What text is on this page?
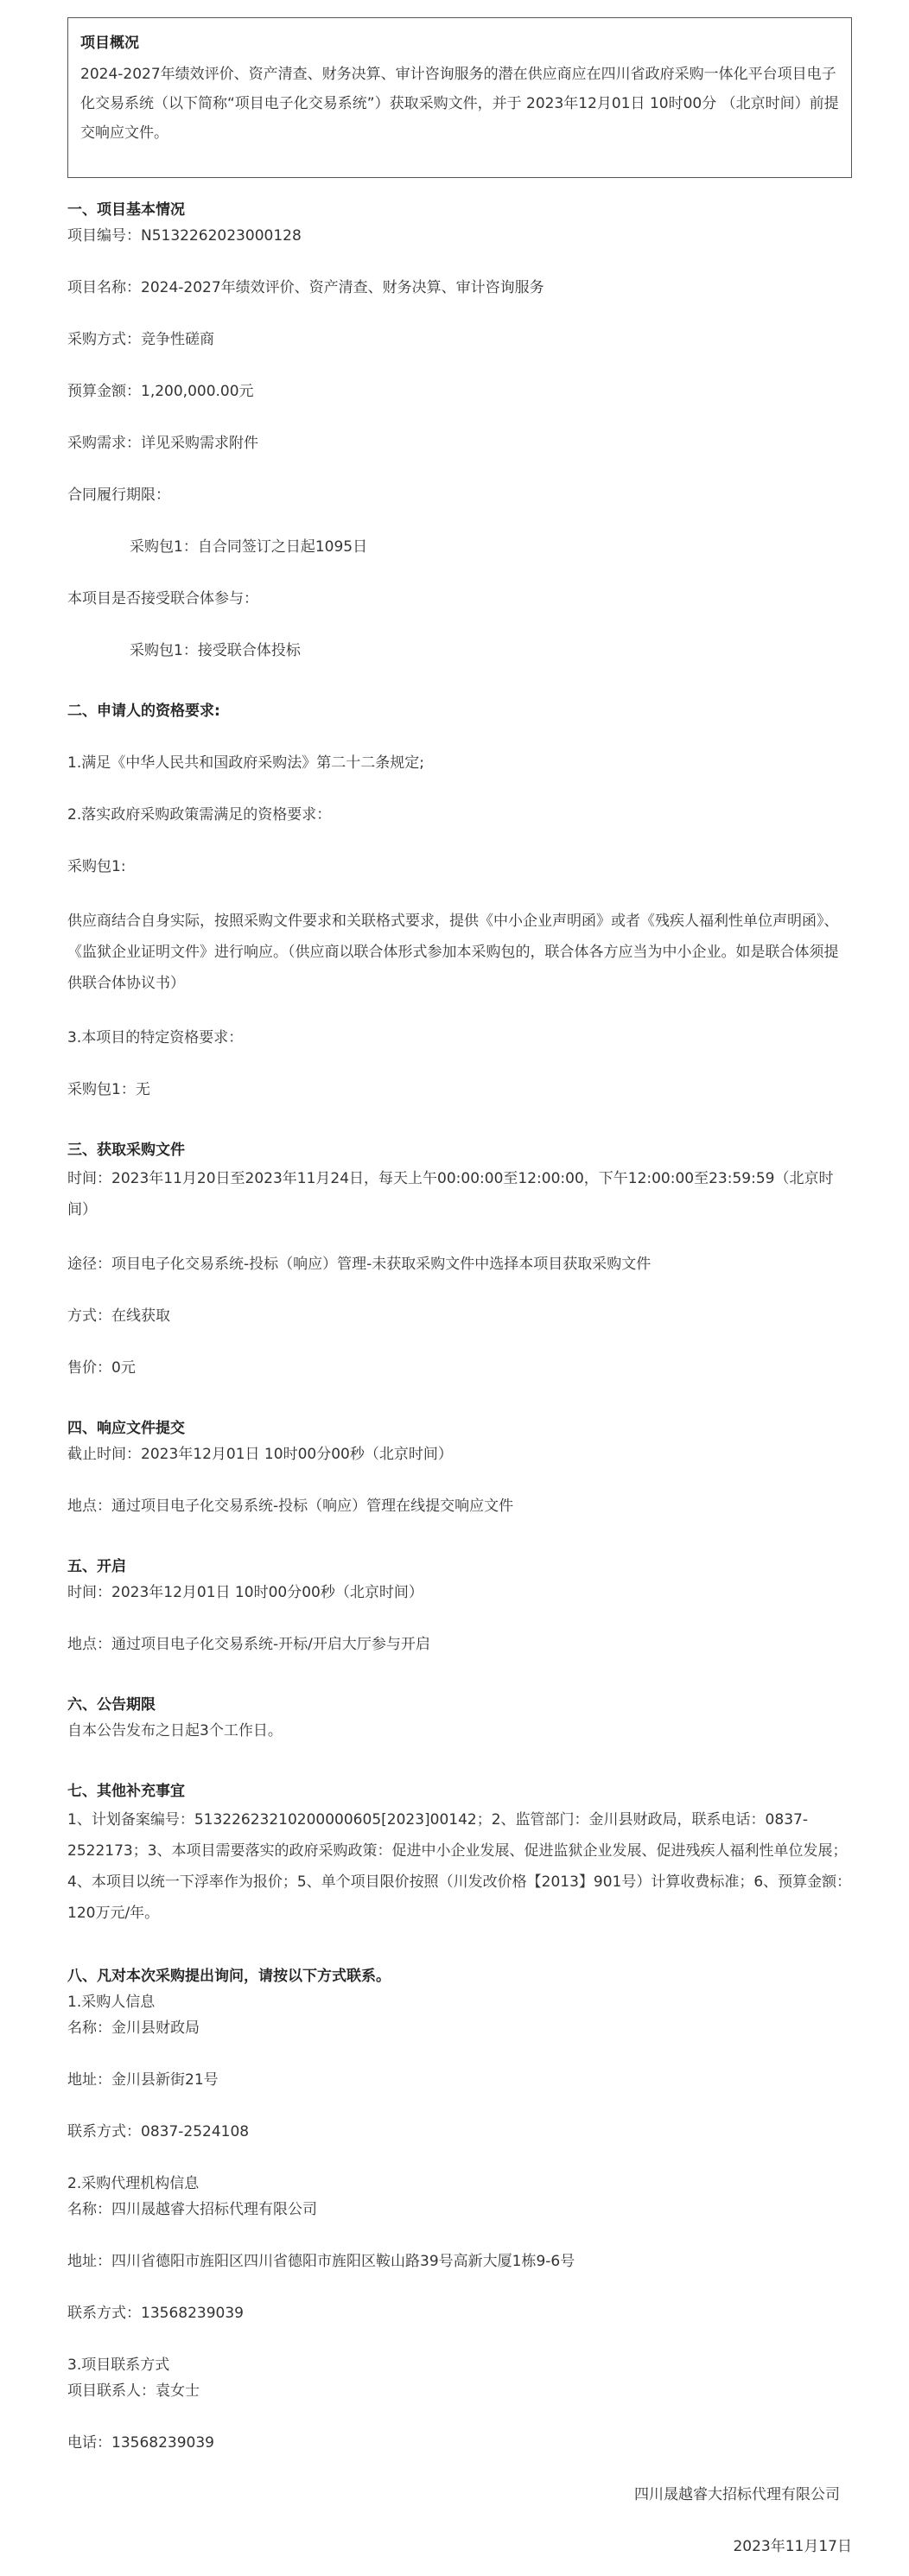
项目概况

2024-2027年绩效评价、资产清查、财务决算、审计咨询服务的潜在供应商应在四川省政府采购一体化平台项目电子化交易系统（以下简称“项目电子化交易系统”）获取采购文件，并于 2023年12月01日 10时00分 （北京时间）前提交响应文件。

一、项目基本情况

项目编号：N5132262023000128

项目名称：2024-2027年绩效评价、资产清查、财务决算、审计咨询服务

采购方式：竞争性磋商

预算金额：1,200,000.00元

采购需求：详见采购需求附件

合同履行期限：

采购包1：自合同签订之日起1095日

本项目是否接受联合体参与：

采购包1：接受联合体投标

二、申请人的资格要求:

1.满足《中华人民共和国政府采购法》第二十二条规定;

2.落实政府采购政策需满足的资格要求：

采购包1:

供应商结合自身实际，按照采购文件要求和关联格式要求，提供《中小企业声明函》或者《残疾人福利性单位声明函》、《监狱企业证明文件》进行响应。（供应商以联合体形式参加本采购包的，联合体各方应当为中小企业。如是联合体须提供联合体协议书）

3.本项目的特定资格要求：

采购包1：无

三、获取采购文件

时间：2023年11月20日至2023年11月24日，每天上午00:00:00至12:00:00，下午12:00:00至23:59:59（北京时间）

途径：项目电子化交易系统-投标（响应）管理-未获取采购文件中选择本项目获取采购文件

方式：在线获取

售价：0元

四、响应文件提交

截止时间：2023年12月01日 10时00分00秒（北京时间）

地点：通过项目电子化交易系统-投标（响应）管理在线提交响应文件

五、开启

时间：2023年12月01日 10时00分00秒（北京时间）

地点：通过项目电子化交易系统-开标/开启大厅参与开启

六、公告期限

自本公告发布之日起3个工作日。

七、其他补充事宜

1、计划备案编号：51322623210200000605[2023]00142；2、监管部门：金川县财政局，联系电话：0837-2522173；3、本项目需要落实的政府采购政策：促进中小企业发展、促进监狱企业发展、促进残疾人福利性单位发展；4、本项目以统一下浮率作为报价；5、单个项目限价按照（川发改价格【2013】901号）计算收费标准；6、预算金额：120万元/年。

八、凡对本次采购提出询问，请按以下方式联系。

1.采购人信息

名称：金川县财政局

地址：金川县新街21号

联系方式：0837-2524108

2.采购代理机构信息

名称：四川晟越睿大招标代理有限公司

地址：四川省德阳市旌阳区四川省德阳市旌阳区鞍山路39号高新大厦1栋9-6号

联系方式：13568239039

3.项目联系方式

项目联系人：袁女士

电话：13568239039

四川晟越睿大招标代理有限公司

2023年11月17日
